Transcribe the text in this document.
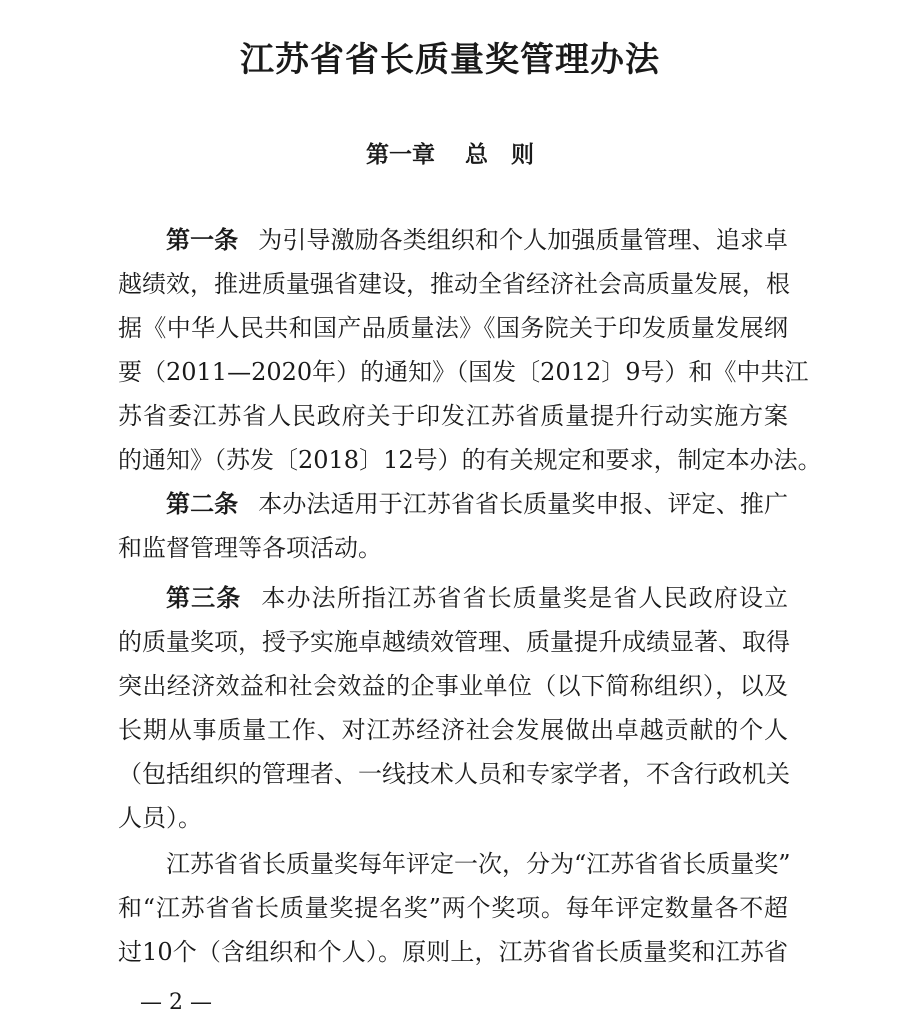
江苏省省长质量奖管理办法
第一章 总　则
第一条 为引导激励各类组织和个人加强质量管理、追求卓
越绩效，推进质量强省建设，推动全省经济社会高质量发展，根
据《中华人民共和国产品质量法》《国务院关于印发质量发展纲
要（2011—2020年）的通知》（国发〔2012〕9号）和《中共江
苏省委江苏省人民政府关于印发江苏省质量提升行动实施方案
的通知》（苏发〔2018〕12号）的有关规定和要求，制定本办法。
第二条 本办法适用于江苏省省长质量奖申报、评定、推广
和监督管理等各项活动。
第三条 本办法所指江苏省省长质量奖是省人民政府设立
的质量奖项，授予实施卓越绩效管理、质量提升成绩显著、取得
突出经济效益和社会效益的企事业单位（以下简称组织），以及
长期从事质量工作、对江苏经济社会发展做出卓越贡献的个人
（包括组织的管理者、一线技术人员和专家学者，不含行政机关
人员）。
江苏省省长质量奖每年评定一次，分为“江苏省省长质量奖”
和“江苏省省长质量奖提名奖”两个奖项。每年评定数量各不超
过10个（含组织和个人）。原则上，江苏省省长质量奖和江苏省
— 2 —
